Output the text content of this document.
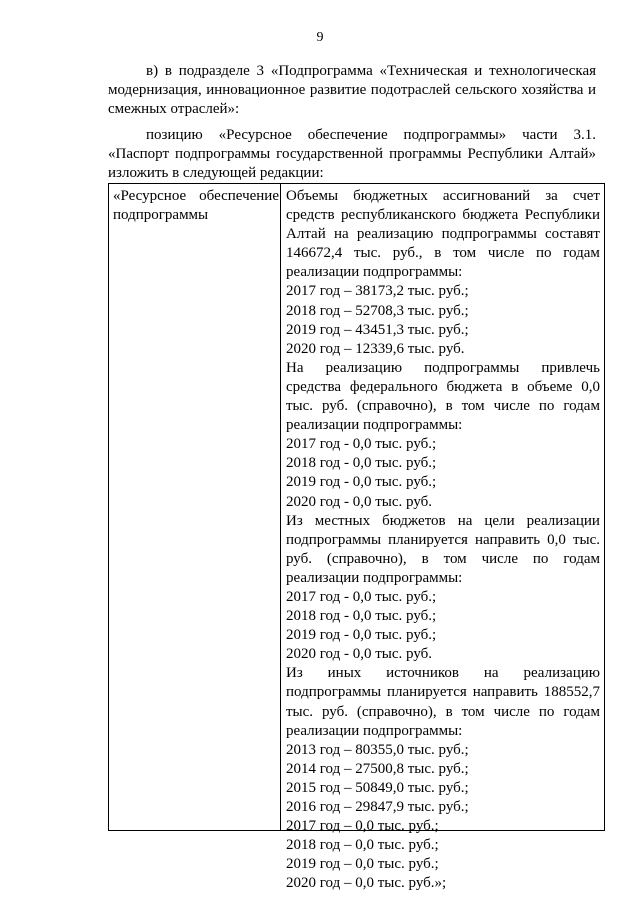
9
в) в подразделе 3 «Подпрограмма «Техническая и технологическая модернизация, инновационное развитие подотраслей сельского хозяйства и смежных отраслей»:
позицию «Ресурсное обеспечение подпрограммы» части 3.1. «Паспорт подпрограммы государственной программы Республики Алтай» изложить в следующей редакции:
«Ресурсное обеспечение
подпрограммы
Объемы бюджетных ассигнований за счет
средств республиканского бюджета Республики
Алтай на реализацию подпрограммы составят
146672,4 тыс. руб., в том числе по годам
реализации подпрограммы:
2017 год – 38173,2 тыс. руб.;
2018 год – 52708,3 тыс. руб.;
2019 год – 43451,3 тыс. руб.;
2020 год – 12339,6 тыс. руб.
На реализацию подпрограммы привлечь
средства федерального бюджета в объеме 0,0
тыс. руб. (справочно), в том числе по годам
реализации подпрограммы:
2017 год - 0,0 тыс. руб.;
2018 год - 0,0 тыс. руб.;
2019 год - 0,0 тыс. руб.;
2020 год - 0,0 тыс. руб.
Из местных бюджетов на цели реализации
подпрограммы планируется направить 0,0 тыс.
руб. (справочно), в том числе по годам
реализации подпрограммы:
2017 год - 0,0 тыс. руб.;
2018 год - 0,0 тыс. руб.;
2019 год - 0,0 тыс. руб.;
2020 год - 0,0 тыс. руб.
Из иных источников на реализацию
подпрограммы планируется направить 188552,7
тыс. руб. (справочно), в том числе по годам
реализации подпрограммы:
2013 год – 80355,0 тыс. руб.;
2014 год – 27500,8 тыс. руб.;
2015 год – 50849,0 тыс. руб.;
2016 год – 29847,9 тыс. руб.;
2017 год – 0,0 тыс. руб.;
2018 год – 0,0 тыс. руб.;
2019 год – 0,0 тыс. руб.;
2020 год – 0,0 тыс. руб.»;
